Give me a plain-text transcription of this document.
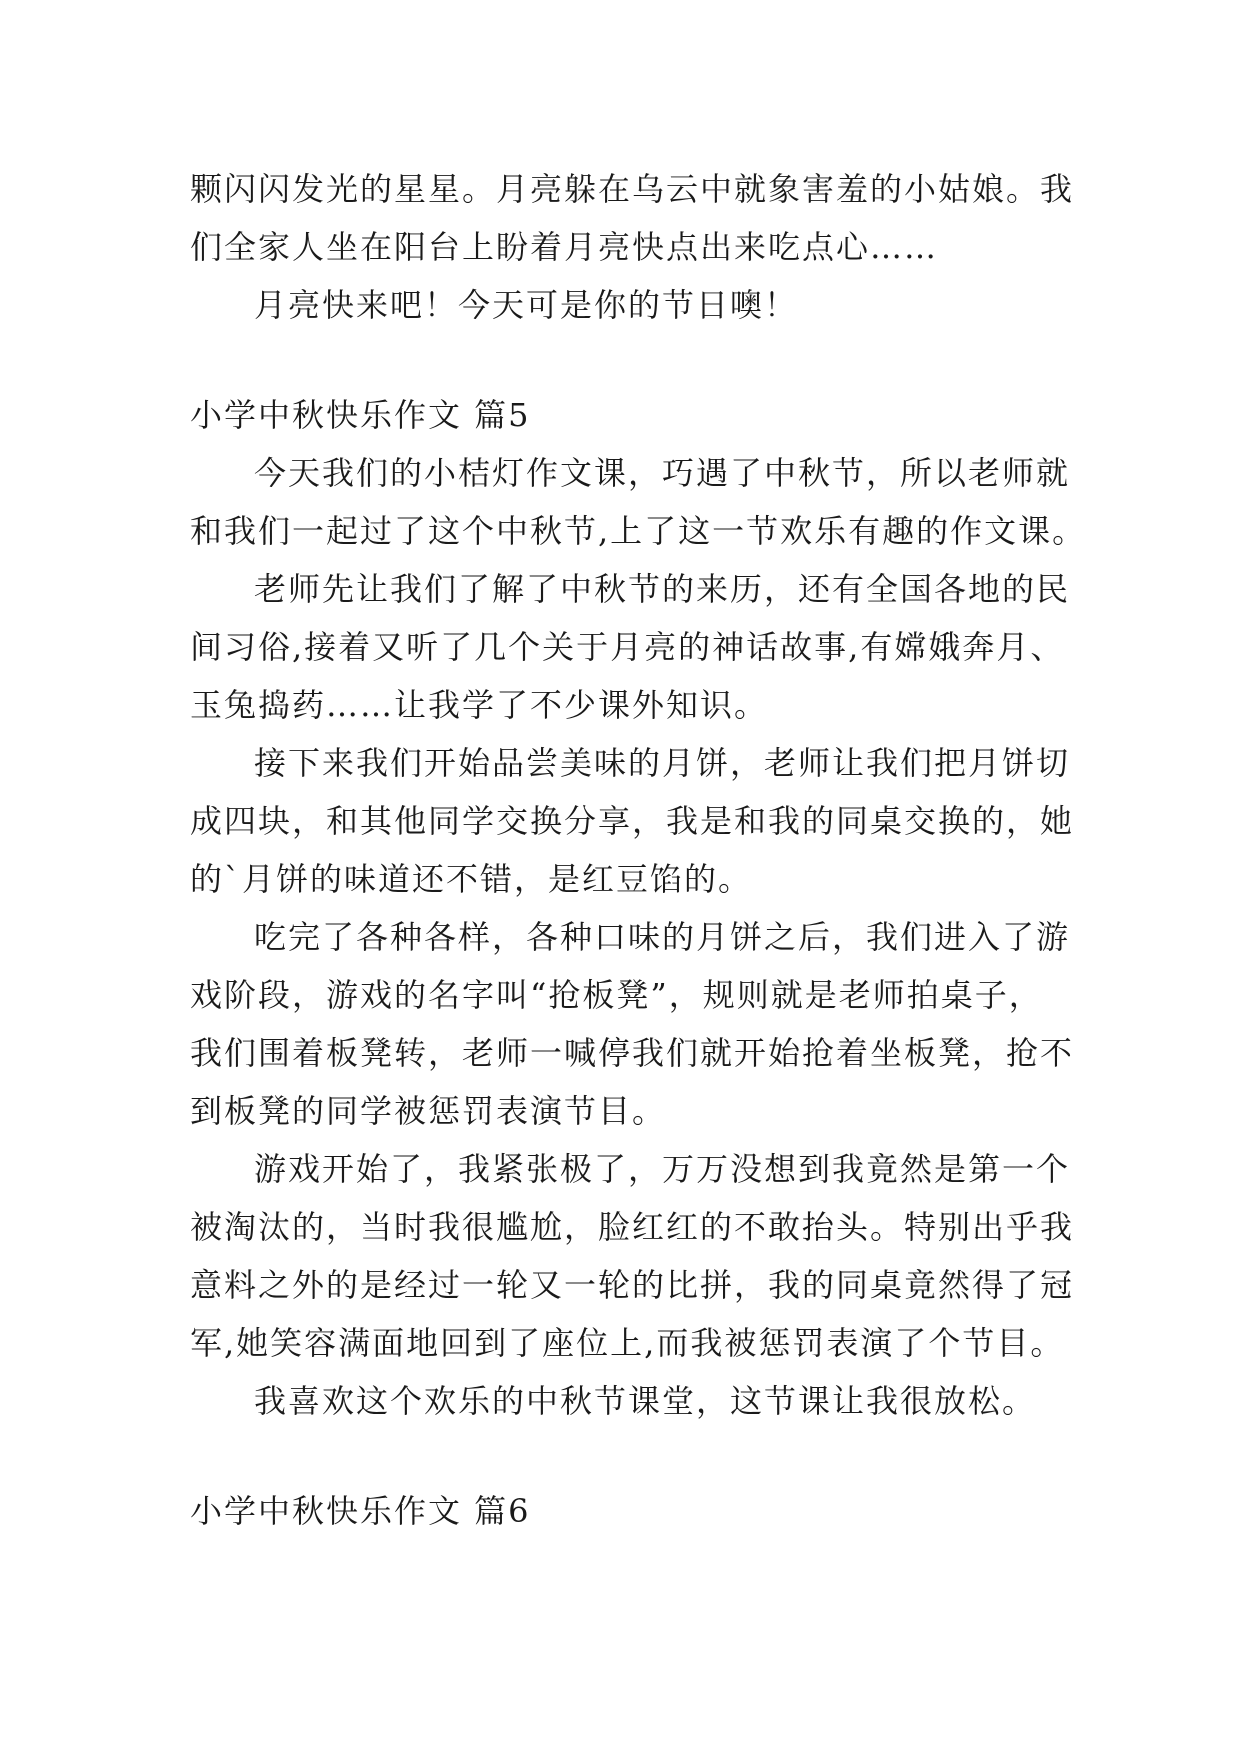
颗闪闪发光的星星。月亮躲在乌云中就象害羞的小姑娘。我
们全家人坐在阳台上盼着月亮快点出来吃点心……
月亮快来吧！今天可是你的节日噢！
小学中秋快乐作文 篇5
今天我们的小桔灯作文课，巧遇了中秋节，所以老师就
和我们一起过了这个中秋节,上了这一节欢乐有趣的作文课。
老师先让我们了解了中秋节的来历，还有全国各地的民
间习俗,接着又听了几个关于月亮的神话故事,有嫦娥奔月、
玉兔捣药……让我学了不少课外知识。
接下来我们开始品尝美味的月饼，老师让我们把月饼切
成四块，和其他同学交换分享，我是和我的同桌交换的，她
的`月饼的味道还不错，是红豆馅的。
吃完了各种各样，各种口味的月饼之后，我们进入了游
戏阶段，游戏的名字叫“抢板凳”，规则就是老师拍桌子，
我们围着板凳转，老师一喊停我们就开始抢着坐板凳，抢不
到板凳的同学被惩罚表演节目。
游戏开始了，我紧张极了，万万没想到我竟然是第一个
被淘汰的，当时我很尴尬，脸红红的不敢抬头。特别出乎我
意料之外的是经过一轮又一轮的比拼，我的同桌竟然得了冠
军,她笑容满面地回到了座位上,而我被惩罚表演了个节目。
我喜欢这个欢乐的中秋节课堂，这节课让我很放松。
小学中秋快乐作文 篇6
